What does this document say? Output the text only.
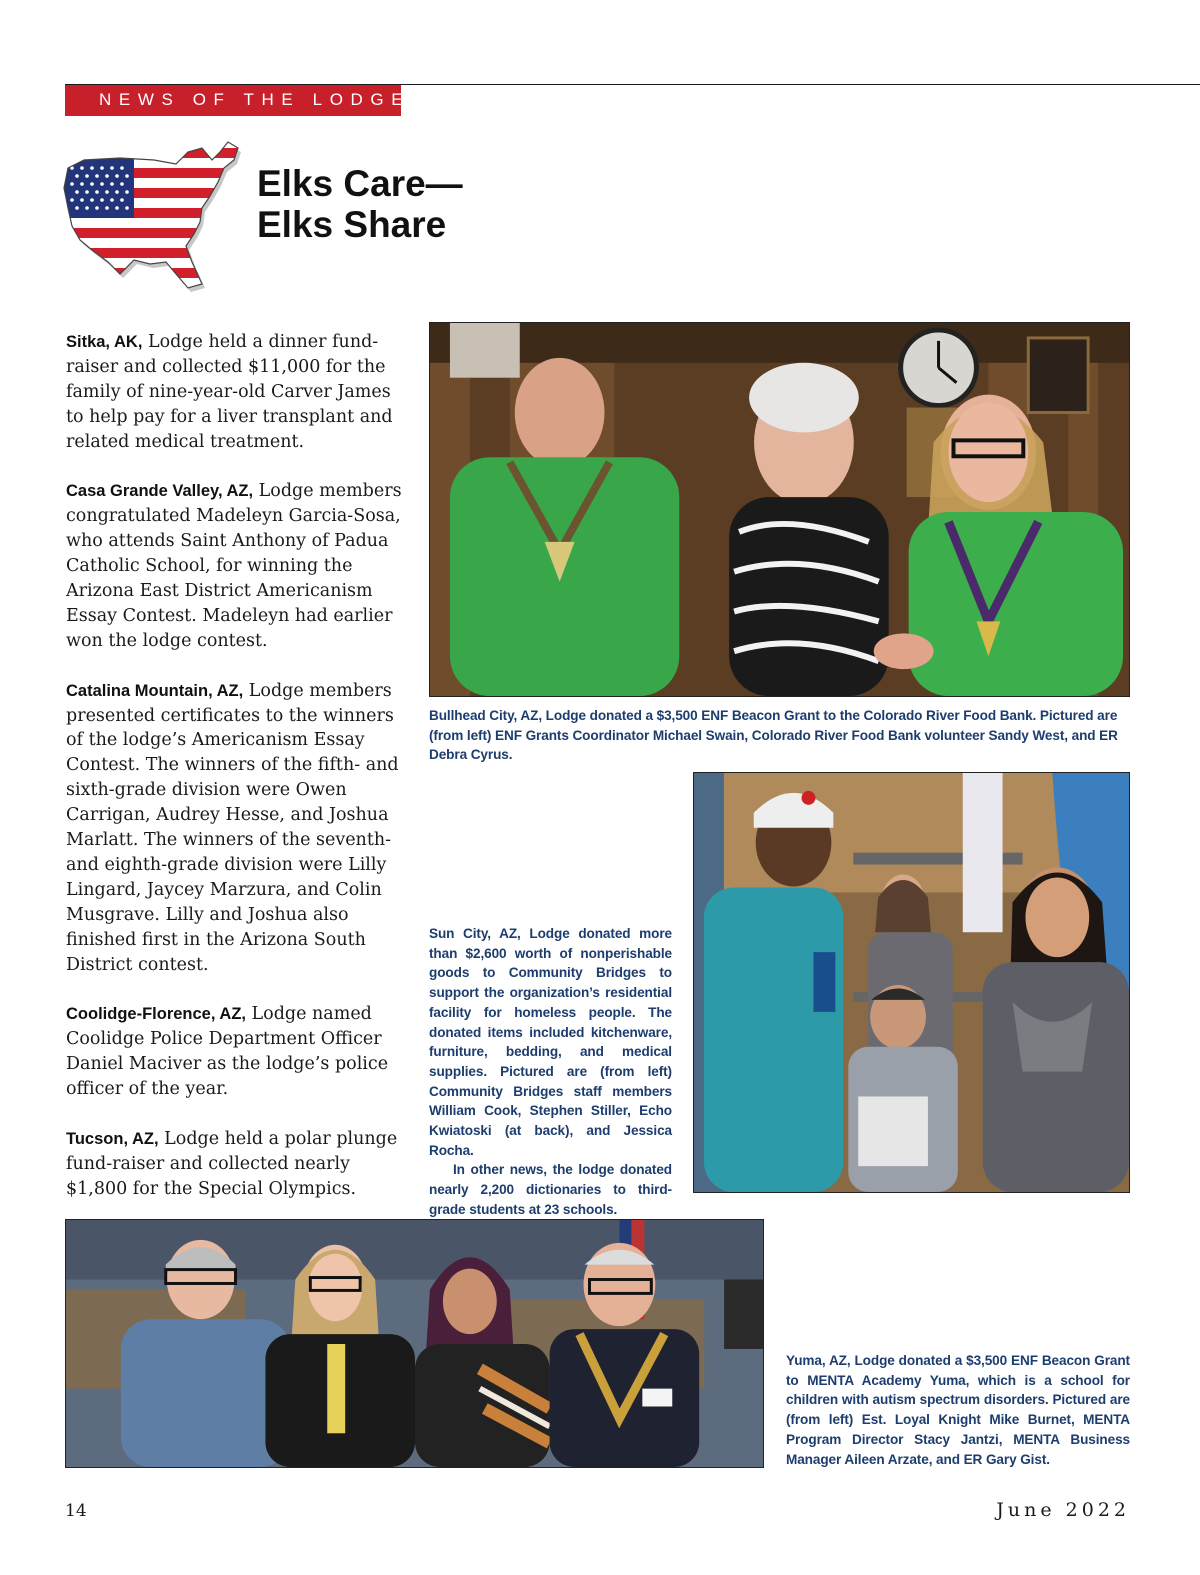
NEWS OF THE LODGES
Elks Care—
Elks Share

Sitka, AK, Lodge held a dinner fund-raiser and collected $11,000 for the family of nine-year-old Carver James to help pay for a liver transplant and related medical treatment.

Casa Grande Valley, AZ, Lodge members congratulated Madeleyn Garcia-Sosa, who attends Saint Anthony of Padua Catholic School, for winning the Arizona East District Americanism Essay Contest. Madeleyn had earlier won the lodge contest.

Catalina Mountain, AZ, Lodge members presented certificates to the winners of the lodge’s Americanism Essay Contest. The winners of the fifth- and sixth-grade division were Owen Carrigan, Audrey Hesse, and Joshua Marlatt. The winners of the seventh- and eighth-grade division were Lilly Lingard, Jaycey Marzura, and Colin Musgrave. Lilly and Joshua also finished first in the Arizona South District contest.

Coolidge-Florence, AZ, Lodge named Coolidge Police Department Officer Daniel Maciver as the lodge’s police officer of the year.

Tucson, AZ, Lodge held a polar plunge fund-raiser and collected nearly $1,800 for the Special Olympics.

Bullhead City, AZ, Lodge donated a $3,500 ENF Beacon Grant to the Colorado River Food Bank. Pictured are (from left) ENF Grants Coordinator Michael Swain, Colorado River Food Bank volunteer Sandy West, and ER Debra Cyrus.
Sun City, AZ, Lodge donated more than $2,600 worth of nonperishable goods to Community Bridges to support the organization’s residential facility for homeless people. The donated items included kitchenware, furniture, bedding, and medical supplies. Pictured are (from left) Community Bridges staff members William Cook, Stephen Stiller, Echo Kwiatoski (at back), and Jessica Rocha.
In other news, the lodge donated nearly 2,200 dictionaries to third-grade students at 23 schools.
Yuma, AZ, Lodge donated a $3,500 ENF Beacon Grant to MENTA Academy Yuma, which is a school for children with autism spectrum disorders. Pictured are (from left) Est. Loyal Knight Mike Burnet, MENTA Program Director Stacy Jantzi, MENTA Business Manager Aileen Arzate, and ER Gary Gist.
14	June 2022
